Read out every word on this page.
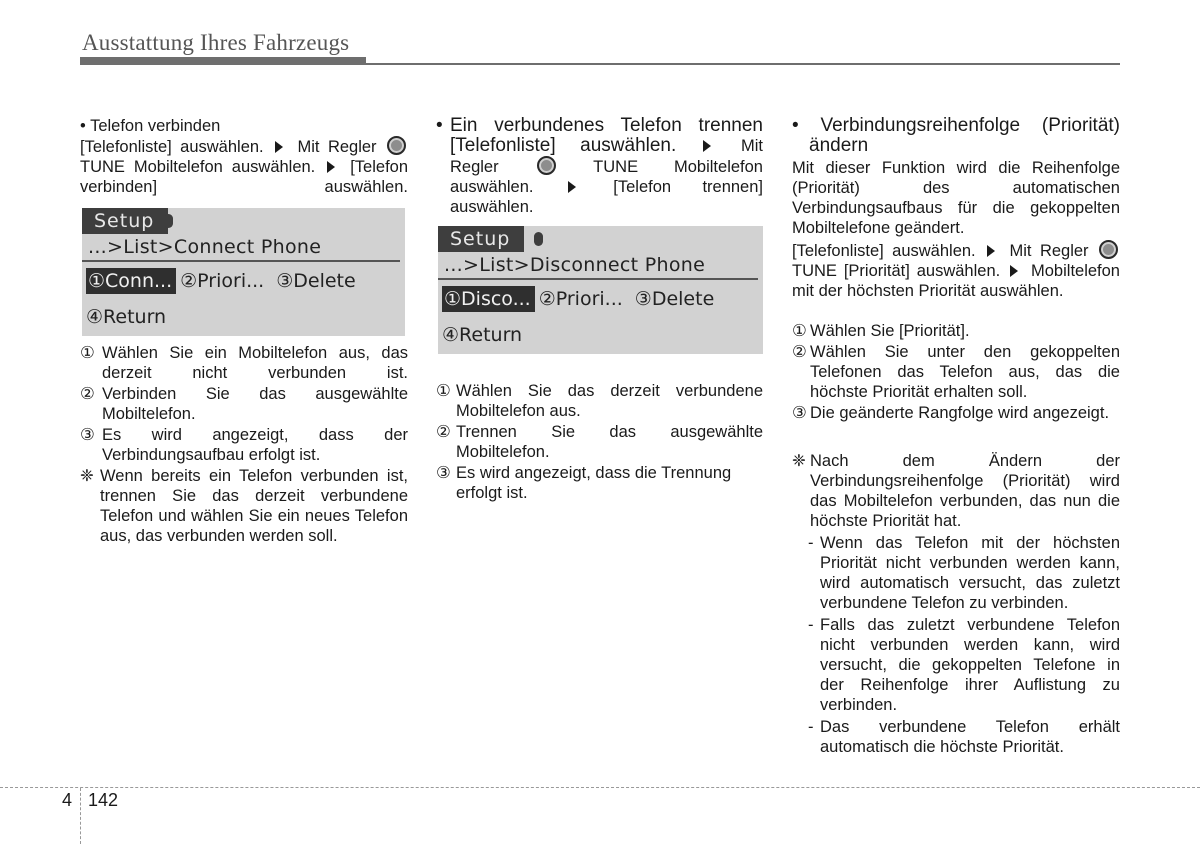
Ausstattung Ihres Fahrzeugs

• Telefon verbinden

[Telefonliste] auswählen. Mit Regler

TUNE Mobiltelefon auswählen. [Telefon verbinden] auswählen.

① Wählen Sie ein Mobiltelefon aus, das derzeit nicht verbunden ist.
② Verbinden Sie das ausgewählte Mobiltelefon.
③ Es wird angezeigt, dass der Verbindungsaufbau erfolgt ist.
❈ Wenn bereits ein Telefon verbunden ist, trennen Sie das derzeit verbundene Telefon und wählen Sie ein neues Telefon aus, das verbunden werden soll.
Setup
...>List>Connect Phone
①Conn... ②Priori... ③Delete
④Return
• Ein verbundenes Telefon trennen

[Telefonliste] auswählen.	Mit

Regler	TUNE Mobiltelefon

auswählen.	[Telefon trennen]

auswählen.

① Wählen Sie das derzeit verbundene Mobiltelefon aus.
② Trennen Sie das ausgewählte Mobiltelefon.
③ Es wird angezeigt, dass die Trennung erfolgt ist.
Setup
...>List>Disconnect Phone
①Disco... ②Priori... ③Delete
④Return

• Verbindungsreihenfolge (Priorität)

ändern

Mit dieser Funktion wird die Reihenfolge (Priorität) des automatischen Verbindungsaufbaus für die gekoppelten Mobiltelefone geändert.

[Telefonliste] auswählen. Mit Regler

TUNE [Priorität] auswählen. Mobiltelefon mit der höchsten Priorität auswählen.

① Wählen Sie [Priorität].
② Wählen Sie unter den gekoppelten Telefonen das Telefon aus, das die höchste Priorität erhalten soll.
③ Die geänderte Rangfolge wird angezeigt.
❈ Nach dem Ändern der Verbindungsreihenfolge (Priorität) wird das Mobiltelefon verbunden, das nun die höchste Priorität hat.
- Wenn das Telefon mit der höchsten Priorität nicht verbunden werden kann, wird automatisch versucht, das zuletzt verbundene Telefon zu verbinden.
- Falls das zuletzt verbundene Telefon nicht verbunden werden kann, wird versucht, die gekoppelten Telefone in der Reihenfolge ihrer Auflistung zu verbinden.
- Das verbundene Telefon erhält automatisch die höchste Priorität.
4 142
